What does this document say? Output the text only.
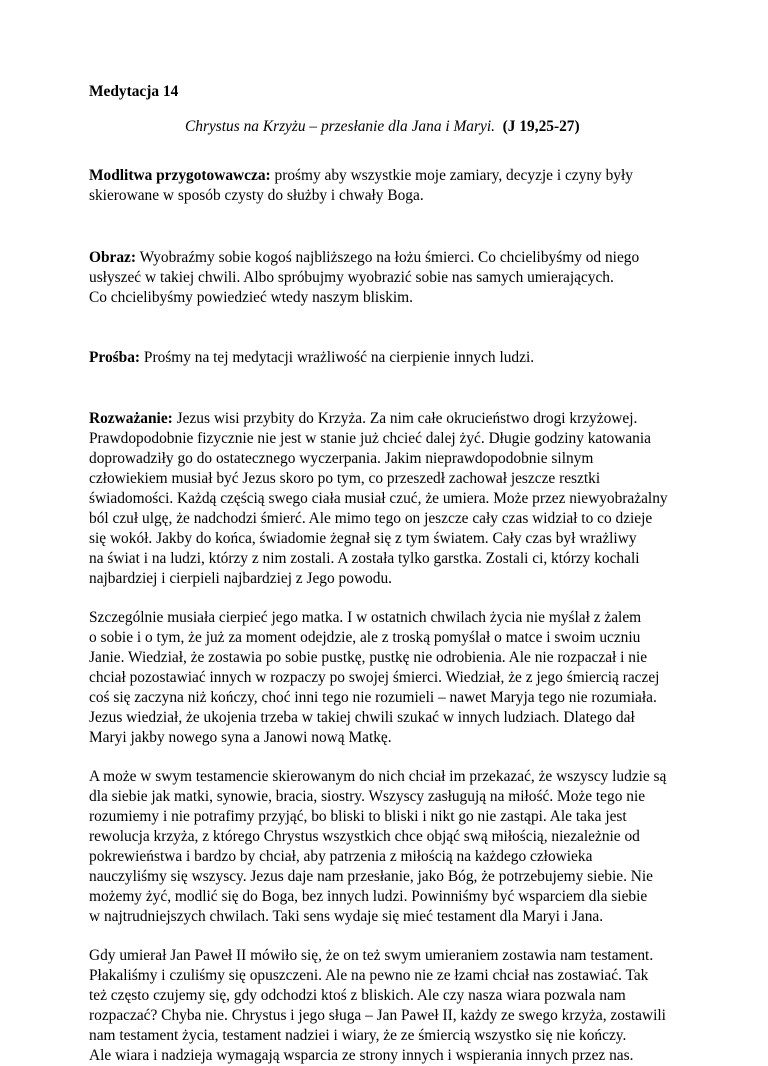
Medytacja 14

Chrystus na Krzyżu – przesłanie dla Jana i Maryi. (J 19,25-27)

Modlitwa przygotowawcza: prośmy aby wszystkie moje zamiary, decyzje i czyny były
skierowane w sposób czysty do służby i chwały Boga.

Obraz: Wyobraźmy sobie kogoś najbliższego na łożu śmierci. Co chcielibyśmy od niego
usłyszeć w takiej chwili. Albo spróbujmy wyobrazić sobie nas samych umierających.
Co chcielibyśmy powiedzieć wtedy naszym bliskim.

Prośba: Prośmy na tej medytacji wrażliwość na cierpienie innych ludzi.

Rozważanie: Jezus wisi przybity do Krzyża. Za nim całe okrucieństwo drogi krzyżowej.
Prawdopodobnie fizycznie nie jest w stanie już chcieć dalej żyć. Długie godziny katowania
doprowadziły go do ostatecznego wyczerpania. Jakim nieprawdopodobnie silnym
człowiekiem musiał być Jezus skoro po tym, co przeszedł zachował jeszcze resztki
świadomości. Każdą częścią swego ciała musiał czuć, że umiera. Może przez niewyobrażalny
ból czuł ulgę, że nadchodzi śmierć. Ale mimo tego on jeszcze cały czas widział to co dzieje
się wokół. Jakby do końca, świadomie żegnał się z tym światem. Cały czas był wrażliwy
na świat i na ludzi, którzy z nim zostali. A została tylko garstka. Zostali ci, którzy kochali
najbardziej i cierpieli najbardziej z Jego powodu.

Szczególnie musiała cierpieć jego matka. I w ostatnich chwilach życia nie myślał z żalem
o sobie i o tym, że już za moment odejdzie, ale z troską pomyślał o matce i swoim uczniu
Janie. Wiedział, że zostawia po sobie pustkę, pustkę nie odrobienia. Ale nie rozpaczał i nie
chciał pozostawiać innych w rozpaczy po swojej śmierci. Wiedział, że z jego śmiercią raczej
coś się zaczyna niż kończy, choć inni tego nie rozumieli – nawet Maryja tego nie rozumiała.
Jezus wiedział, że ukojenia trzeba w takiej chwili szukać w innych ludziach. Dlatego dał
Maryi jakby nowego syna a Janowi nową Matkę.

A może w swym testamencie skierowanym do nich chciał im przekazać, że wszyscy ludzie są
dla siebie jak matki, synowie, bracia, siostry. Wszyscy zasługują na miłość. Może tego nie
rozumiemy i nie potrafimy przyjąć, bo bliski to bliski i nikt go nie zastąpi. Ale taka jest
rewolucja krzyża, z którego Chrystus wszystkich chce objąć swą miłością, niezależnie od
pokrewieństwa i bardzo by chciał, aby patrzenia z miłością na każdego człowieka
nauczyliśmy się wszyscy. Jezus daje nam przesłanie, jako Bóg, że potrzebujemy siebie. Nie
możemy żyć, modlić się do Boga, bez innych ludzi. Powinniśmy być wsparciem dla siebie
w najtrudniejszych chwilach. Taki sens wydaje się mieć testament dla Maryi i Jana.

Gdy umierał Jan Paweł II mówiło się, że on też swym umieraniem zostawia nam testament.
Płakaliśmy i czuliśmy się opuszczeni. Ale na pewno nie ze łzami chciał nas zostawiać. Tak
też często czujemy się, gdy odchodzi ktoś z bliskich. Ale czy nasza wiara pozwala nam
rozpaczać? Chyba nie. Chrystus i jego sługa – Jan Paweł II, każdy ze swego krzyża, zostawili
nam testament życia, testament nadziei i wiary, że ze śmiercią wszystko się nie kończy.
Ale wiara i nadzieja wymagają wsparcia ze strony innych i wspierania innych przez nas.
